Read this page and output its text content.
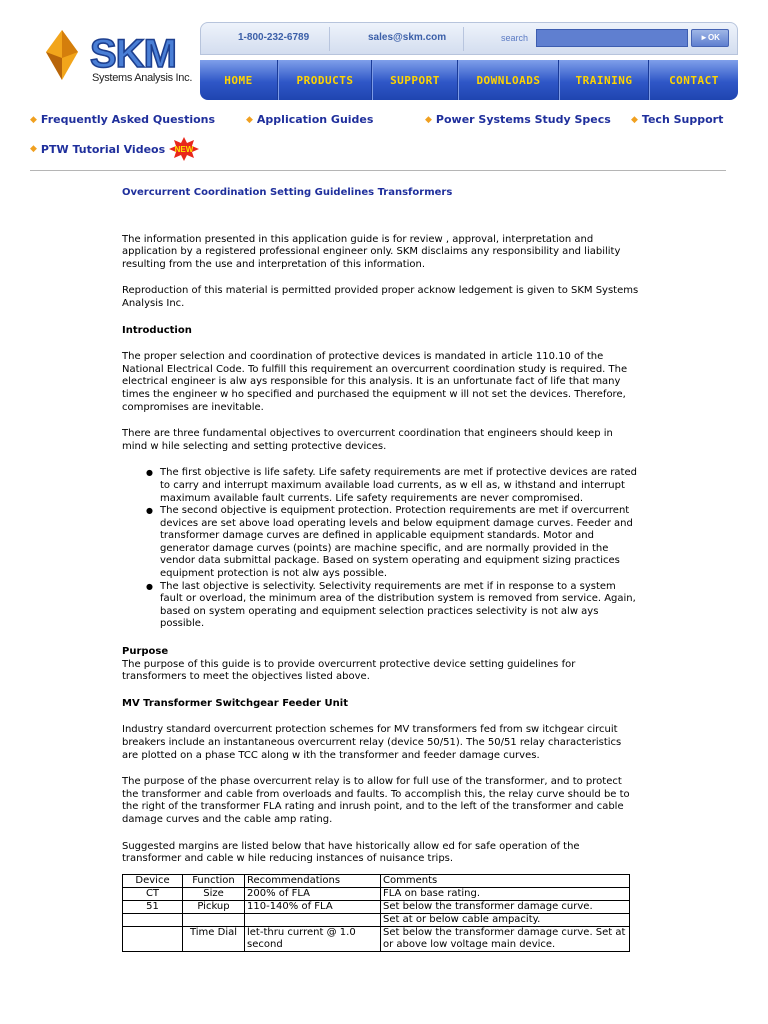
SKM
Systems Analysis Inc.
1-800-232-6789	sales@skm.com	search	►OK
HOME	PRODUCTS	SUPPORT	DOWNLOADS	TRAINING	CONTACT
◆ Frequently Asked Questions	◆ Application Guides	◆ Power Systems Study Specs ◆ Tech Support
◆ PTW Tutorial Videos NEW
Overcurrent Coordination Setting Guidelines Transformers

The information presented in this application guide is for review , approval, interpretation and application by a registered professional engineer only. SKM disclaims any responsibility and liability resulting from the use and interpretation of this information.

Reproduction of this material is permitted provided proper acknow ledgement is given to SKM Systems Analysis Inc.

Introduction

The proper selection and coordination of protective devices is mandated in article 110.10 of the National Electrical Code. To fulfill this requirement an overcurrent coordination study is required. The electrical engineer is alw ays responsible for this analysis. It is an unfortunate fact of life that many times the engineer w ho specified and purchased the equipment w ill not set the devices. Therefore, compromises are inevitable.

There are three fundamental objectives to overcurrent coordination that engineers should keep in mind w hile selecting and setting protective devices.

● The first objective is life safety. Life safety requirements are met if protective devices are rated to carry and interrupt maximum available load currents, as w ell as, w ithstand and interrupt maximum available fault currents. Life safety requirements are never compromised.
● The second objective is equipment protection. Protection requirements are met if overcurrent devices are set above load operating levels and below equipment damage curves. Feeder and transformer damage curves are defined in applicable equipment standards. Motor and generator damage curves (points) are machine specific, and are normally provided in the vendor data submittal package. Based on system operating and equipment sizing practices equipment protection is not alw ays possible.
● The last objective is selectivity. Selectivity requirements are met if in response to a system fault or overload, the minimum area of the distribution system is removed from service. Again, based on system operating and equipment selection practices selectivity is not alw ays possible.
Purpose

The purpose of this guide is to provide overcurrent protective device setting guidelines for transformers to meet the objectives listed above.

MV Transformer Switchgear Feeder Unit

Industry standard overcurrent protection schemes for MV transformers fed from sw itchgear circuit breakers include an instantaneous overcurrent relay (device 50/51). The 50/51 relay characteristics are plotted on a phase TCC along w ith the transformer and feeder damage curves.

The purpose of the phase overcurrent relay is to allow for full use of the transformer, and to protect the transformer and cable from overloads and faults. To accomplish this, the relay curve should be to the right of the transformer FLA rating and inrush point, and to the left of the transformer and cable damage curves and the cable amp rating.

Suggested margins are listed below that have historically allow ed for safe operation of the transformer and cable w hile reducing instances of nuisance trips.

Device	Function	Recommendations	Comments
CT	Size	200% of FLA	FLA on base rating.
51	Pickup	110-140% of FLA	Set below the transformer damage curve.
			Set at or below cable ampacity.
	Time Dial	let-thru current @ 1.0 second	Set below the transformer damage curve. Set at or above low voltage main device.
